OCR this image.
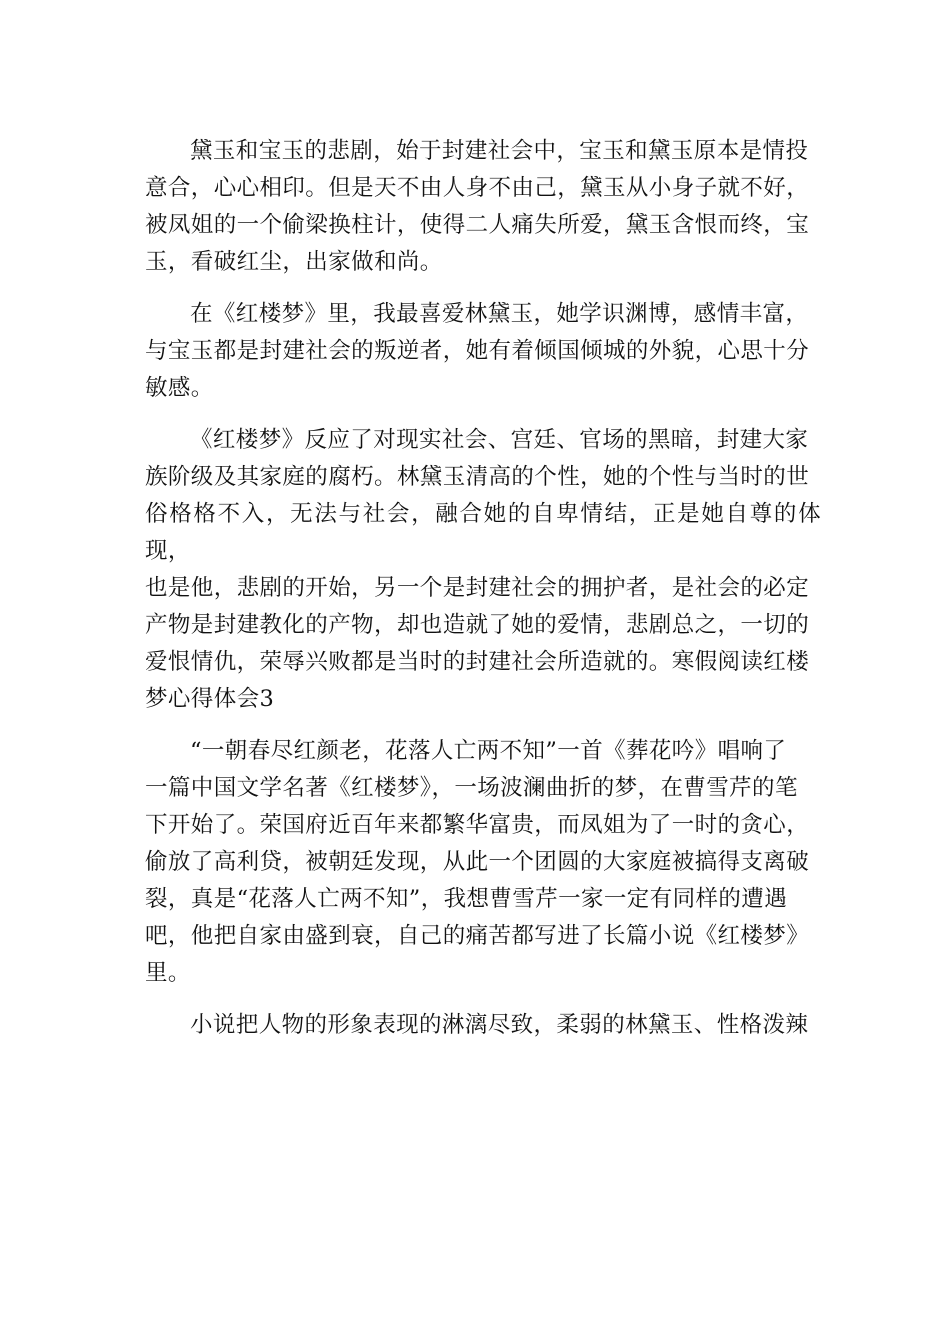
黛玉和宝玉的悲剧，始于封建社会中，宝玉和黛玉原本是情投
意合，心心相印。但是天不由人身不由己，黛玉从小身子就不好，
被凤姐的一个偷梁换柱计，使得二人痛失所爱，黛玉含恨而终，宝
玉，看破红尘，出家做和尚。

在《红楼梦》里，我最喜爱林黛玉，她学识渊博，感情丰富，
与宝玉都是封建社会的叛逆者，她有着倾国倾城的外貌，心思十分
敏感。

《红楼梦》反应了对现实社会、宫廷、官场的黑暗，封建大家
族阶级及其家庭的腐朽。林黛玉清高的个性，她的个性与当时的世
俗格格不入，无法与社会，融合她的自卑情结，正是她自尊的体现，
也是他，悲剧的开始，另一个是封建社会的拥护者，是社会的必定
产物是封建教化的产物，却也造就了她的爱情，悲剧总之，一切的
爱恨情仇，荣辱兴败都是当时的封建社会所造就的。寒假阅读红楼
梦心得体会3

“一朝春尽红颜老，花落人亡两不知”一首《葬花吟》唱响了
一篇中国文学名著《红楼梦》，一场波澜曲折的梦，在曹雪芹的笔
下开始了。荣国府近百年来都繁华富贵，而凤姐为了一时的贪心，
偷放了高利贷，被朝廷发现，从此一个团圆的大家庭被搞得支离破
裂，真是“花落人亡两不知”，我想曹雪芹一家一定有同样的遭遇
吧，他把自家由盛到衰，自己的痛苦都写进了长篇小说《红楼梦》
里。

小说把人物的形象表现的淋漓尽致，柔弱的林黛玉、性格泼辣
